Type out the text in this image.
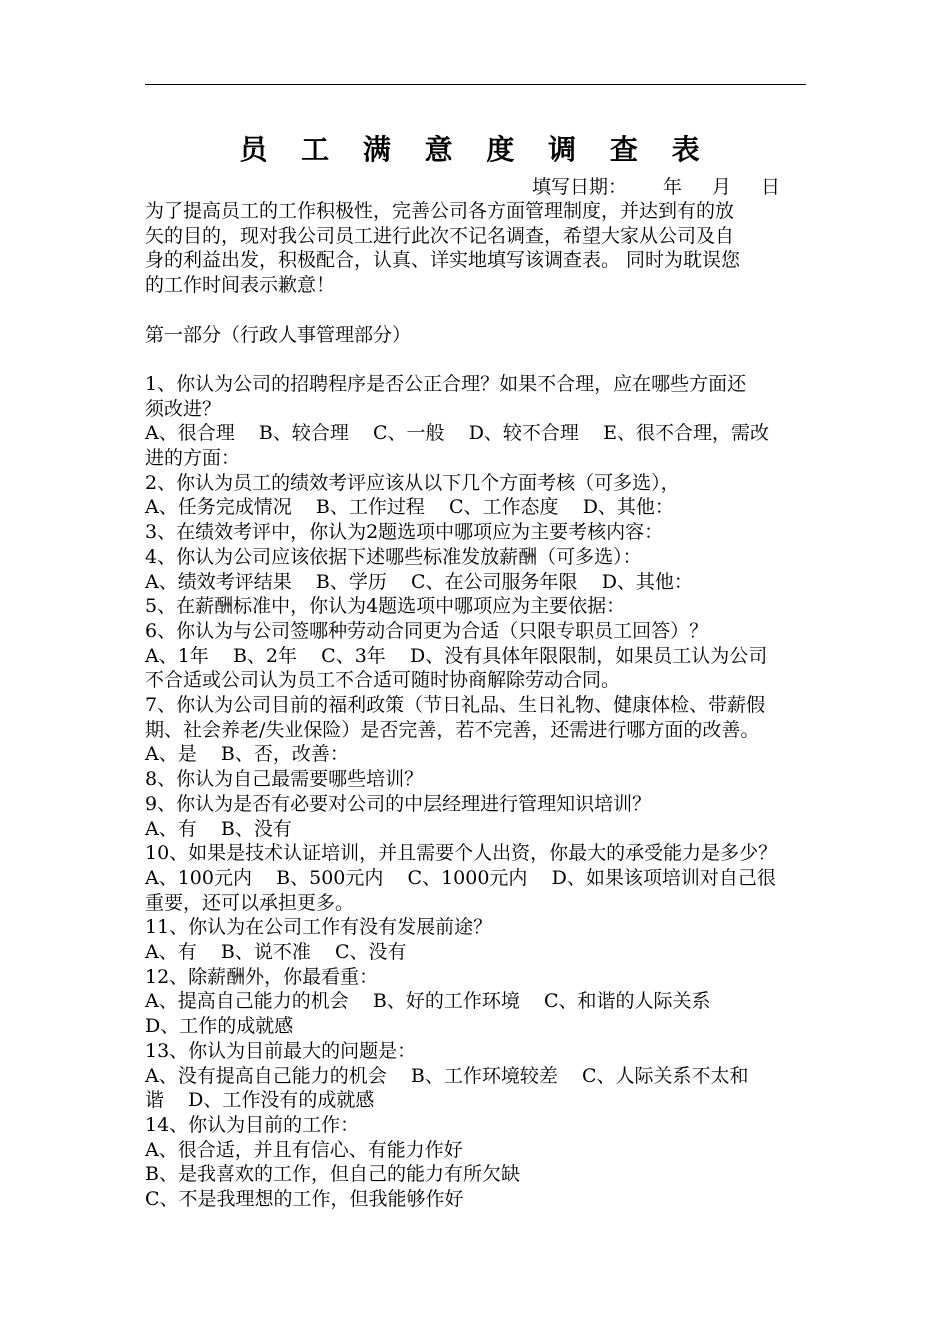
员 工 满 意 度 调 查 表
填写日期： 年 月 日

为了提高员工的工作积极性，完善公司各方面管理制度，并达到有的放

矢的目的，现对我公司员工进行此次不记名调查，希望大家从公司及自

身的利益出发，积极配合，认真、详实地填写该调查表。 同时为耽误您

的工作时间表示歉意！

第一部分（行政人事管理部分）

1、你认为公司的招聘程序是否公正合理？如果不合理，应在哪些方面还

须改进？

A、很合理    B、较合理    C、一般    D、较不合理    E、很不合理，需改

进的方面：

2、你认为员工的绩效考评应该从以下几个方面考核（可多选），

A、任务完成情况    B、工作过程    C、工作态度    D、其他：

3、在绩效考评中，你认为2题选项中哪项应为主要考核内容：

4、你认为公司应该依据下述哪些标准发放薪酬（可多选）：

A、绩效考评结果    B、学历    C、在公司服务年限    D、其他：

5、在薪酬标准中，你认为4题选项中哪项应为主要依据：

6、你认为与公司签哪种劳动合同更为合适（只限专职员工回答）？

A、1年    B、2年    C、3年    D、没有具体年限限制，如果员工认为公司

不合适或公司认为员工不合适可随时协商解除劳动合同。

7、你认为公司目前的福利政策（节日礼品、生日礼物、健康体检、带薪假

期、社会养老/失业保险）是否完善，若不完善，还需进行哪方面的改善。

A、是    B、否，改善：

8、你认为自己最需要哪些培训？

9、你认为是否有必要对公司的中层经理进行管理知识培训？

A、有    B、没有

10、如果是技术认证培训，并且需要个人出资，你最大的承受能力是多少？

A、100元内    B、500元内    C、1000元内    D、如果该项培训对自己很

重要，还可以承担更多。

11、你认为在公司工作有没有发展前途？

A、有    B、说不准    C、没有

12、除薪酬外，你最看重：

A、提高自己能力的机会    B、好的工作环境    C、和谐的人际关系

D、工作的成就感

13、你认为目前最大的问题是：

A、没有提高自己能力的机会    B、工作环境较差    C、人际关系不太和

谐    D、工作没有的成就感

14、你认为目前的工作：

A、很合适，并且有信心、有能力作好

B、是我喜欢的工作，但自己的能力有所欠缺

C、不是我理想的工作，但我能够作好
